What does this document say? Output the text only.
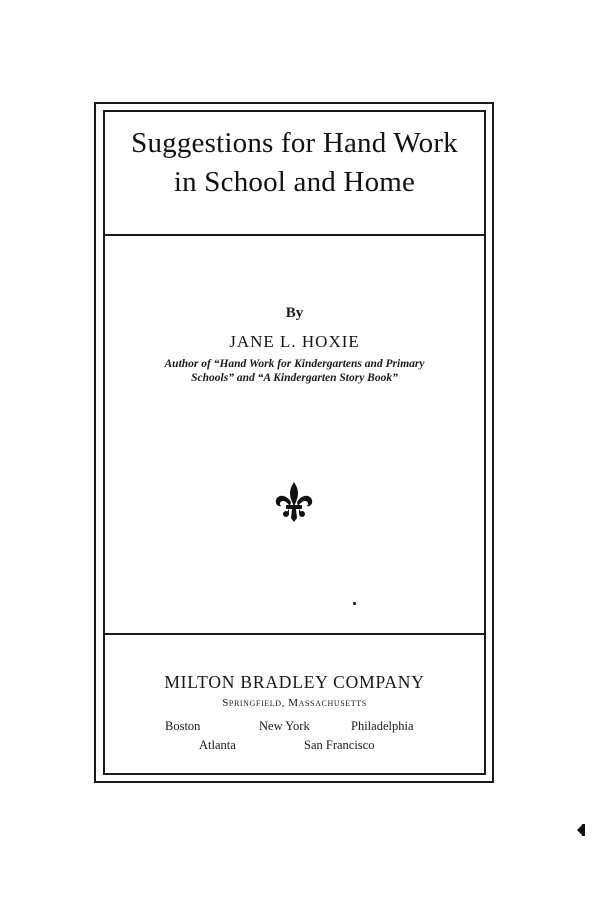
Suggestions for Hand Work
in School and Home
By
JANE L. HOXIE
Author of “Hand Work for Kindergartens and Primary
Schools” and “A Kindergarten Story Book”
MILTON BRADLEY COMPANY
Springfield, Massachusetts
Boston	New York	Philadelphia
Atlanta	San Francisco
